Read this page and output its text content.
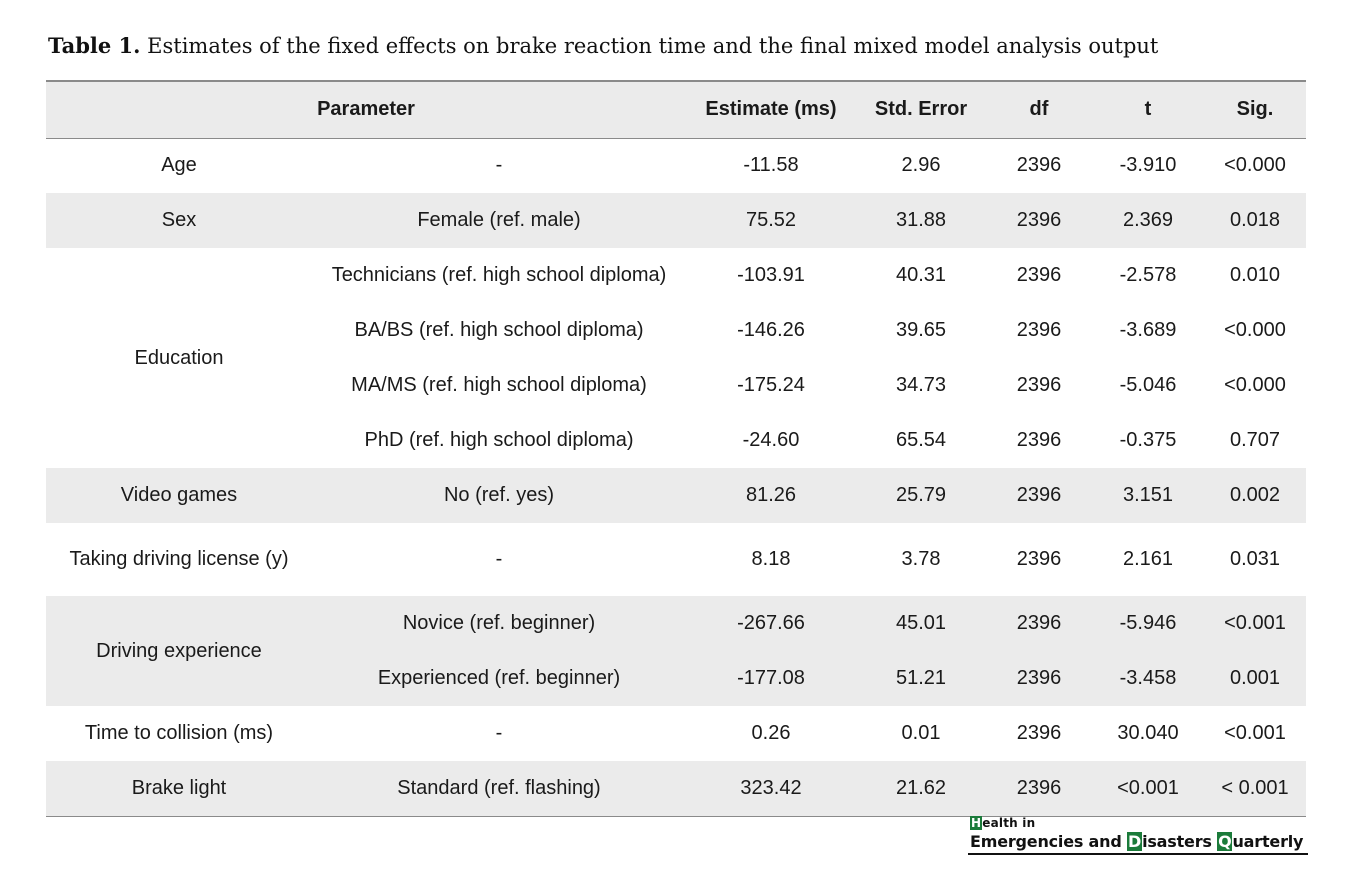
Table 1. Estimates of the fixed effects on brake reaction time and the final mixed model analysis output
Parameter		Estimate (ms)	Std. Error	df	t	Sig.
Age	-	-11.58	2.96	2396	-3.910	<0.000
Sex	Female (ref. male)	75.52	31.88	2396	2.369	0.018
Education	Technicians (ref. high school diploma)	-103.91	40.31	2396	-2.578	0.010
	BA/BS (ref. high school diploma)	-146.26	39.65	2396	-3.689	<0.000
	MA/MS (ref. high school diploma)	-175.24	34.73	2396	-5.046	<0.000
	PhD (ref. high school diploma)	-24.60	65.54	2396	-0.375	0.707
Video games	No (ref. yes)	81.26	25.79	2396	3.151	0.002
Taking driving license (y)	-	8.18	3.78	2396	2.161	0.031
Driving experience	Novice (ref. beginner)	-267.66	45.01	2396	-5.946	<0.001
	Experienced (ref. beginner)	-177.08	51.21	2396	-3.458	0.001
Time to collision (ms)	-	0.26	0.01	2396	30.040	<0.001
Brake light	Standard (ref. flashing)	323.42	21.62	2396	<0.001	< 0.001
Health in
Emergencies and Disasters Quarterly
